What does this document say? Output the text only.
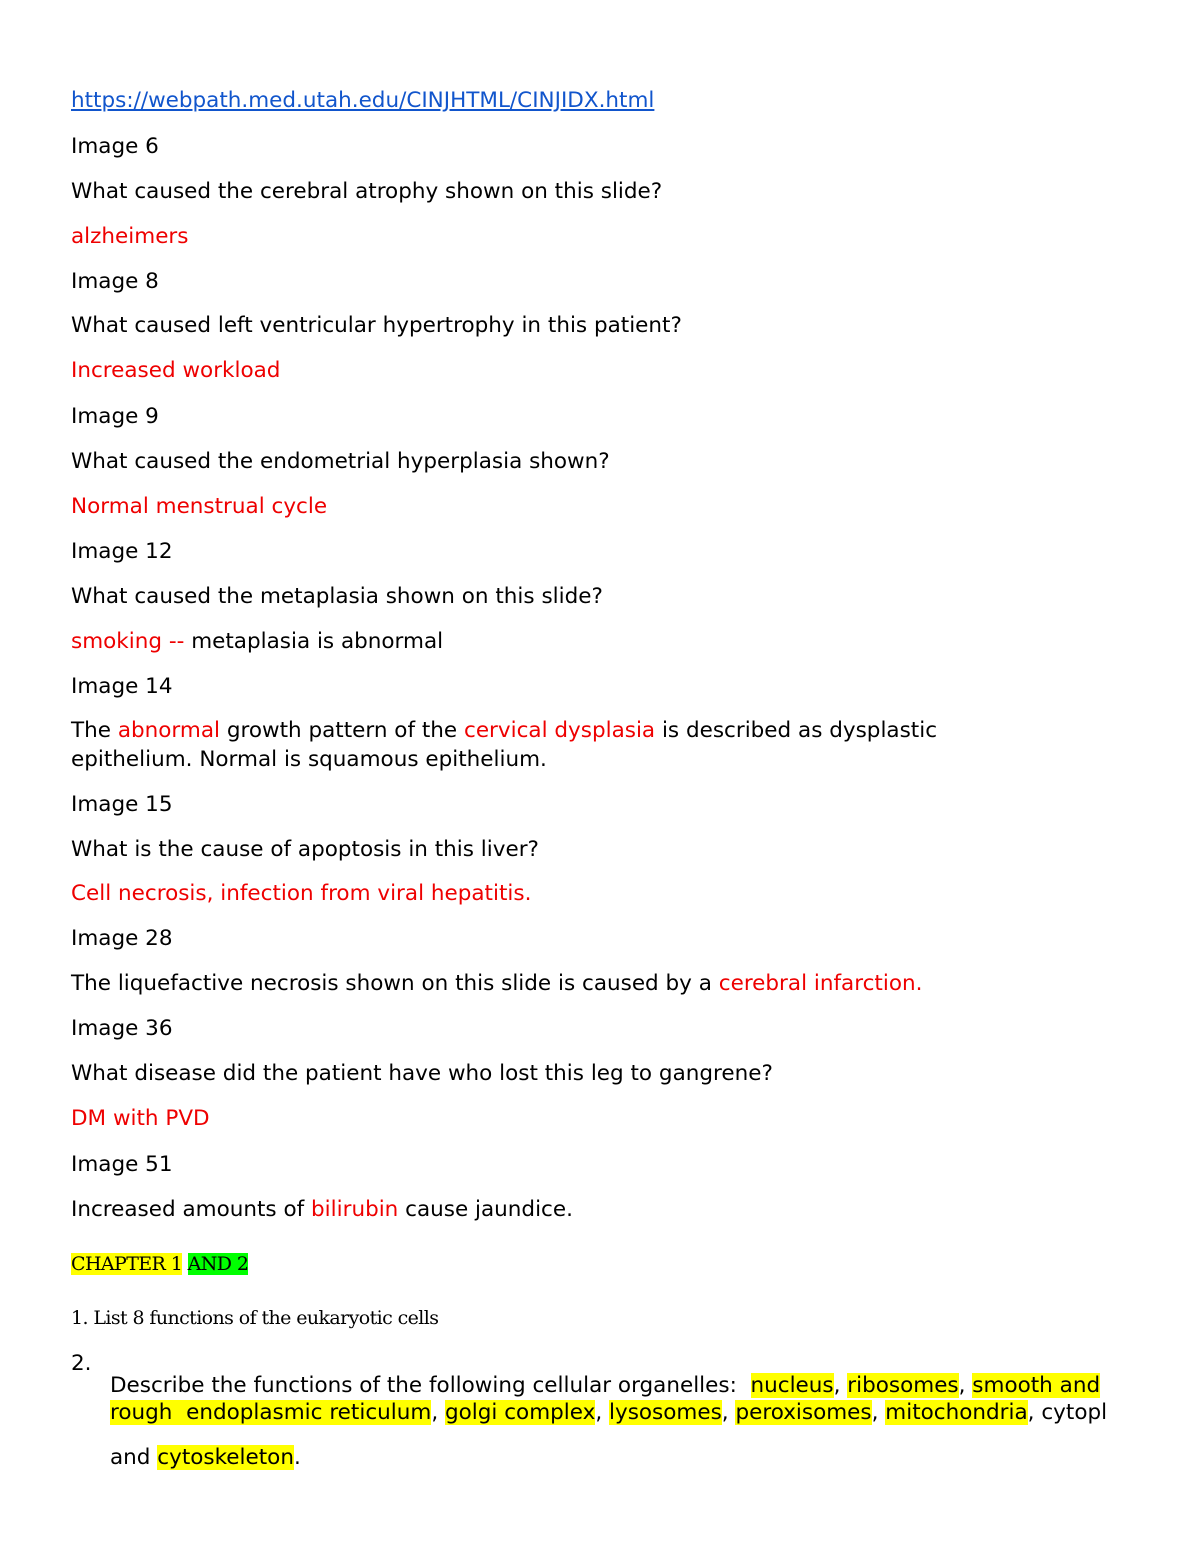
https://webpath.med.utah.edu/CINJHTML/CINJIDX.html

Image 6

What caused the cerebral atrophy shown on this slide?

alzheimers

Image 8

What caused left ventricular hypertrophy in this patient?

Increased workload

Image 9

What caused the endometrial hyperplasia shown?

Normal menstrual cycle

Image 12

What caused the metaplasia shown on this slide?

smoking -- metaplasia is abnormal

Image 14

The abnormal growth pattern of the cervical dysplasia is described as dysplastic

epithelium. Normal is squamous epithelium.

Image 15

What is the cause of apoptosis in this liver?

Cell necrosis, infection from viral hepatitis.

Image 28

The liquefactive necrosis shown on this slide is caused by a cerebral infarction.

Image 36

What disease did the patient have who lost this leg to gangrene?

DM with PVD

Image 51

Increased amounts of bilirubin cause jaundice.

CHAPTER 1 AND 2

1. List 8 functions of the eukaryotic cells

2.

Describe the functions of the following cellular organelles: nucleus, ribosomes, smooth and

rough  endoplasmic reticulum, golgi complex, lysosomes, peroxisomes, mitochondria, cytopl

and cytoskeleton.
